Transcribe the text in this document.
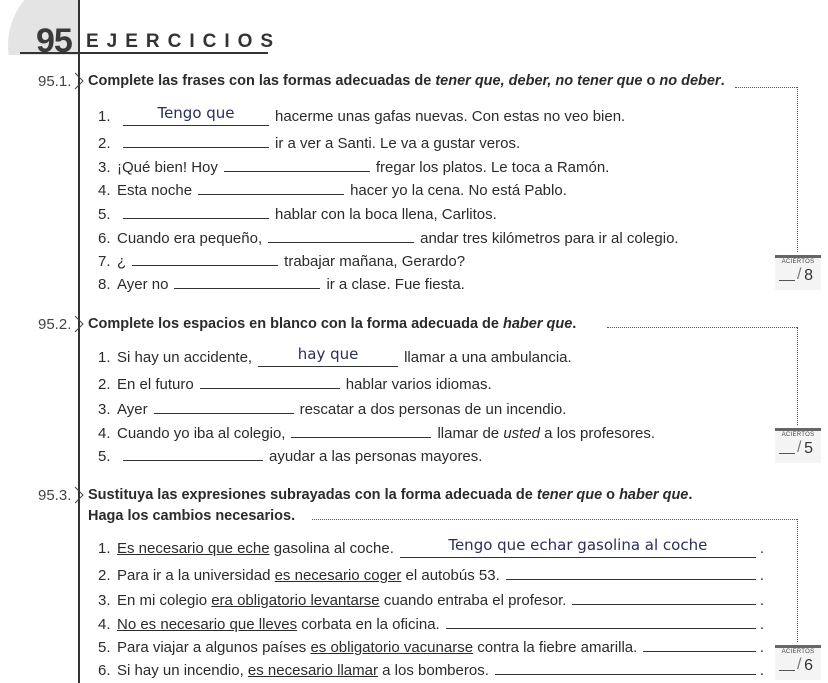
95 EJERCICIOS
95.1. Complete las frases con las formas adecuadas de tener que, deber, no tener que o no deber.
ACIERTOS
/ 8
1.	Tengo que	hacerme unas gafas nuevas. Con estas no veo bien.
2.	ir a ver a Santi. Le va a gustar veros.
3. ¡Qué bien! Hoy	fregar los platos. Le toca a Ramón.
4. Esta noche	hacer yo la cena. No está Pablo.
5.	hablar con la boca llena, Carlitos.
6. Cuando era pequeño,	andar tres kilómetros para ir al colegio.
7. ¿	trabajar mañana, Gerardo?
8. Ayer no	ir a clase. Fue fiesta.
95.2. Complete los espacios en blanco con la forma adecuada de haber que.
ACIERTOS
/ 5
1. Si hay un accidente,	hay que	llamar a una ambulancia.
2. En el futuro	hablar varios idiomas.
3. Ayer	rescatar a dos personas de un incendio.
4. Cuando yo iba al colegio,	llamar de usted a los profesores.
5.	ayudar a las personas mayores.
95.3. Sustituya las expresiones subrayadas con la forma adecuada de tener que o haber que.
Haga los cambios necesarios.
ACIERTOS
/ 6
1. Es necesario que eche gasolina al coche.	Tengo que echar gasolina al coche	.
2. Para ir a la universidad es necesario coger el autobús 53.	.
3. En mi colegio era obligatorio levantarse cuando entraba el profesor.	.
4. No es necesario que lleves corbata en la oficina.	.
5. Para viajar a algunos países es obligatorio vacunarse contra la fiebre amarilla.	.
6. Si hay un incendio, es necesario llamar a los bomberos.	.
